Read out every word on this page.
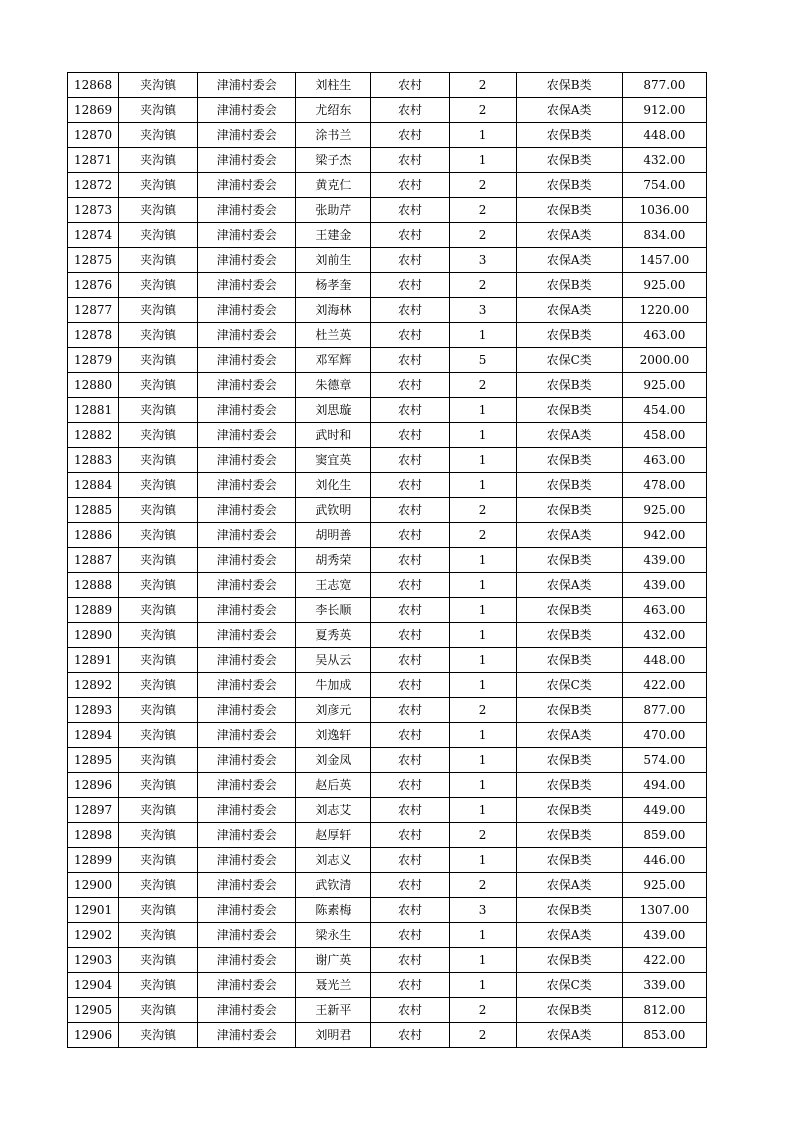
12868	夹沟镇	津浦村委会	刘柱生	农村	2	农保B类	877.00
12869	夹沟镇	津浦村委会	尤绍东	农村	2	农保A类	912.00
12870	夹沟镇	津浦村委会	涂书兰	农村	1	农保B类	448.00
12871	夹沟镇	津浦村委会	梁子杰	农村	1	农保B类	432.00
12872	夹沟镇	津浦村委会	黄克仁	农村	2	农保B类	754.00
12873	夹沟镇	津浦村委会	张助芹	农村	2	农保B类	1036.00
12874	夹沟镇	津浦村委会	王建金	农村	2	农保A类	834.00
12875	夹沟镇	津浦村委会	刘前生	农村	3	农保A类	1457.00
12876	夹沟镇	津浦村委会	杨孝奎	农村	2	农保B类	925.00
12877	夹沟镇	津浦村委会	刘海林	农村	3	农保A类	1220.00
12878	夹沟镇	津浦村委会	杜兰英	农村	1	农保B类	463.00
12879	夹沟镇	津浦村委会	邓军辉	农村	5	农保C类	2000.00
12880	夹沟镇	津浦村委会	朱德章	农村	2	农保B类	925.00
12881	夹沟镇	津浦村委会	刘思璇	农村	1	农保B类	454.00
12882	夹沟镇	津浦村委会	武时和	农村	1	农保A类	458.00
12883	夹沟镇	津浦村委会	窦宜英	农村	1	农保B类	463.00
12884	夹沟镇	津浦村委会	刘化生	农村	1	农保B类	478.00
12885	夹沟镇	津浦村委会	武钦明	农村	2	农保B类	925.00
12886	夹沟镇	津浦村委会	胡明善	农村	2	农保A类	942.00
12887	夹沟镇	津浦村委会	胡秀荣	农村	1	农保B类	439.00
12888	夹沟镇	津浦村委会	王志宽	农村	1	农保A类	439.00
12889	夹沟镇	津浦村委会	李长顺	农村	1	农保B类	463.00
12890	夹沟镇	津浦村委会	夏秀英	农村	1	农保B类	432.00
12891	夹沟镇	津浦村委会	吴从云	农村	1	农保B类	448.00
12892	夹沟镇	津浦村委会	牛加成	农村	1	农保C类	422.00
12893	夹沟镇	津浦村委会	刘彦元	农村	2	农保B类	877.00
12894	夹沟镇	津浦村委会	刘逸轩	农村	1	农保A类	470.00
12895	夹沟镇	津浦村委会	刘金凤	农村	1	农保B类	574.00
12896	夹沟镇	津浦村委会	赵后英	农村	1	农保B类	494.00
12897	夹沟镇	津浦村委会	刘志艾	农村	1	农保B类	449.00
12898	夹沟镇	津浦村委会	赵厚轩	农村	2	农保B类	859.00
12899	夹沟镇	津浦村委会	刘志义	农村	1	农保B类	446.00
12900	夹沟镇	津浦村委会	武钦清	农村	2	农保A类	925.00
12901	夹沟镇	津浦村委会	陈素梅	农村	3	农保B类	1307.00
12902	夹沟镇	津浦村委会	梁永生	农村	1	农保A类	439.00
12903	夹沟镇	津浦村委会	谢广英	农村	1	农保B类	422.00
12904	夹沟镇	津浦村委会	聂光兰	农村	1	农保C类	339.00
12905	夹沟镇	津浦村委会	王新平	农村	2	农保B类	812.00
12906	夹沟镇	津浦村委会	刘明君	农村	2	农保A类	853.00
